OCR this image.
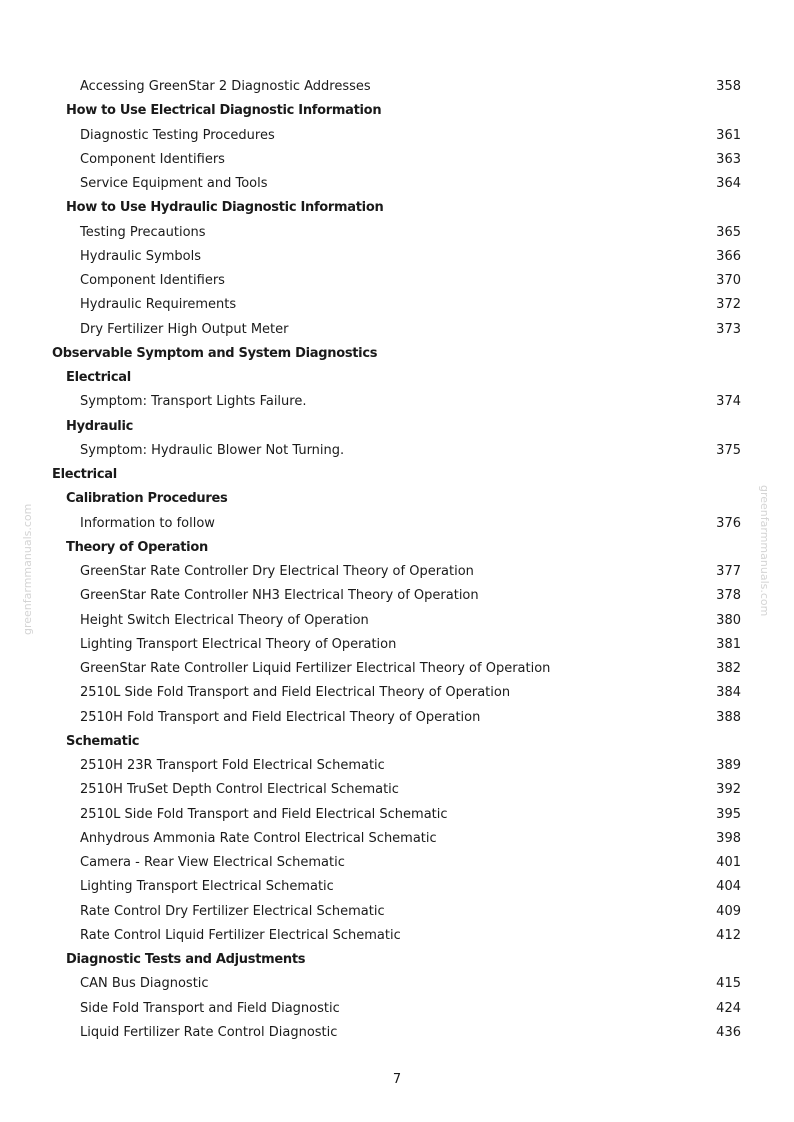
greenfarmmanuals.com	greenfarmmanuals.com
Accessing GreenStar 2 Diagnostic Addresses	358
How to Use Electrical Diagnostic Information
Diagnostic Testing Procedures	361
Component Identifiers	363
Service Equipment and Tools	364
How to Use Hydraulic Diagnostic Information
Testing Precautions	365
Hydraulic Symbols	366
Component Identifiers	370
Hydraulic Requirements	372
Dry Fertilizer High Output Meter	373
Observable Symptom and System Diagnostics
Electrical
Symptom: Transport Lights Failure.	374
Hydraulic
Symptom: Hydraulic Blower Not Turning.	375
Electrical
Calibration Procedures
Information to follow	376
Theory of Operation
GreenStar Rate Controller Dry Electrical Theory of Operation	377
GreenStar Rate Controller NH3 Electrical Theory of Operation	378
Height Switch Electrical Theory of Operation	380
Lighting Transport Electrical Theory of Operation	381
GreenStar Rate Controller Liquid Fertilizer Electrical Theory of Operation	382
2510L Side Fold Transport and Field Electrical Theory of Operation	384
2510H Fold Transport and Field Electrical Theory of Operation	388
Schematic
2510H 23R Transport Fold Electrical Schematic	389
2510H TruSet Depth Control Electrical Schematic	392
2510L Side Fold Transport and Field Electrical Schematic	395
Anhydrous Ammonia Rate Control Electrical Schematic	398
Camera - Rear View Electrical Schematic	401
Lighting Transport Electrical Schematic	404
Rate Control Dry Fertilizer Electrical Schematic	409
Rate Control Liquid Fertilizer Electrical Schematic	412
Diagnostic Tests and Adjustments
CAN Bus Diagnostic	415
Side Fold Transport and Field Diagnostic	424
Liquid Fertilizer Rate Control Diagnostic	436
7
